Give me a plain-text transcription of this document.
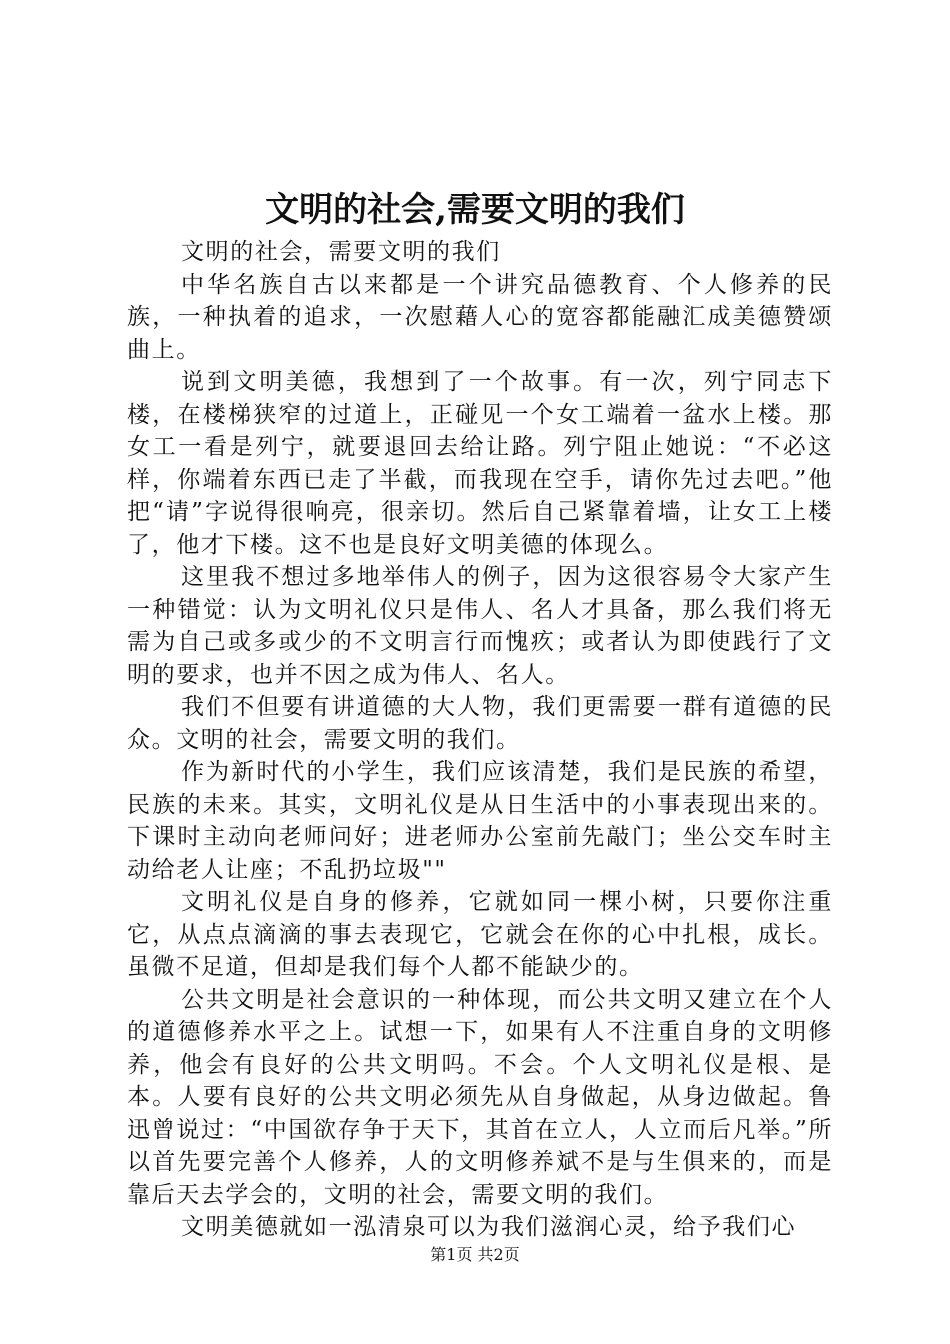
文明的社会,需要文明的我们

文明的社会，需要文明的我们

中华名族自古以来都是一个讲究品德教育、个人修养的民族，一种执着的追求，一次慰藉人心的宽容都能融汇成美德赞颂曲上。

说到文明美德，我想到了一个故事。有一次，列宁同志下楼，在楼梯狭窄的过道上，正碰见一个女工端着一盆水上楼。那女工一看是列宁，就要退回去给让路。列宁阻止她说：“不必这样，你端着东西已走了半截，而我现在空手，请你先过去吧。”他把“请”字说得很响亮，很亲切。然后自己紧靠着墙，让女工上楼了，他才下楼。这不也是良好文明美德的体现么。

这里我不想过多地举伟人的例子，因为这很容易令大家产生一种错觉：认为文明礼仪只是伟人、名人才具备，那么我们将无需为自己或多或少的不文明言行而愧疚；或者认为即使践行了文明的要求，也并不因之成为伟人、名人。

我们不但要有讲道德的大人物，我们更需要一群有道德的民众。文明的社会，需要文明的我们。

作为新时代的小学生，我们应该清楚，我们是民族的希望，民族的未来。其实，文明礼仪是从日生活中的小事表现出来的。下课时主动向老师问好；进老师办公室前先敲门；坐公交车时主动给老人让座；不乱扔垃圾""

文明礼仪是自身的修养，它就如同一棵小树，只要你注重它，从点点滴滴的事去表现它，它就会在你的心中扎根，成长。虽微不足道，但却是我们每个人都不能缺少的。

公共文明是社会意识的一种体现，而公共文明又建立在个人的道德修养水平之上。试想一下，如果有人不注重自身的文明修养，他会有良好的公共文明吗。不会。个人文明礼仪是根、是本。人要有良好的公共文明必须先从自身做起，从身边做起。鲁迅曾说过：“中国欲存争于天下，其首在立人，人立而后凡举。”所以首先要完善个人修养，人的文明修养斌不是与生俱来的，而是靠后天去学会的，文明的社会，需要文明的我们。

文明美德就如一泓清泉可以为我们滋润心灵，给予我们心

第1页 共2页
